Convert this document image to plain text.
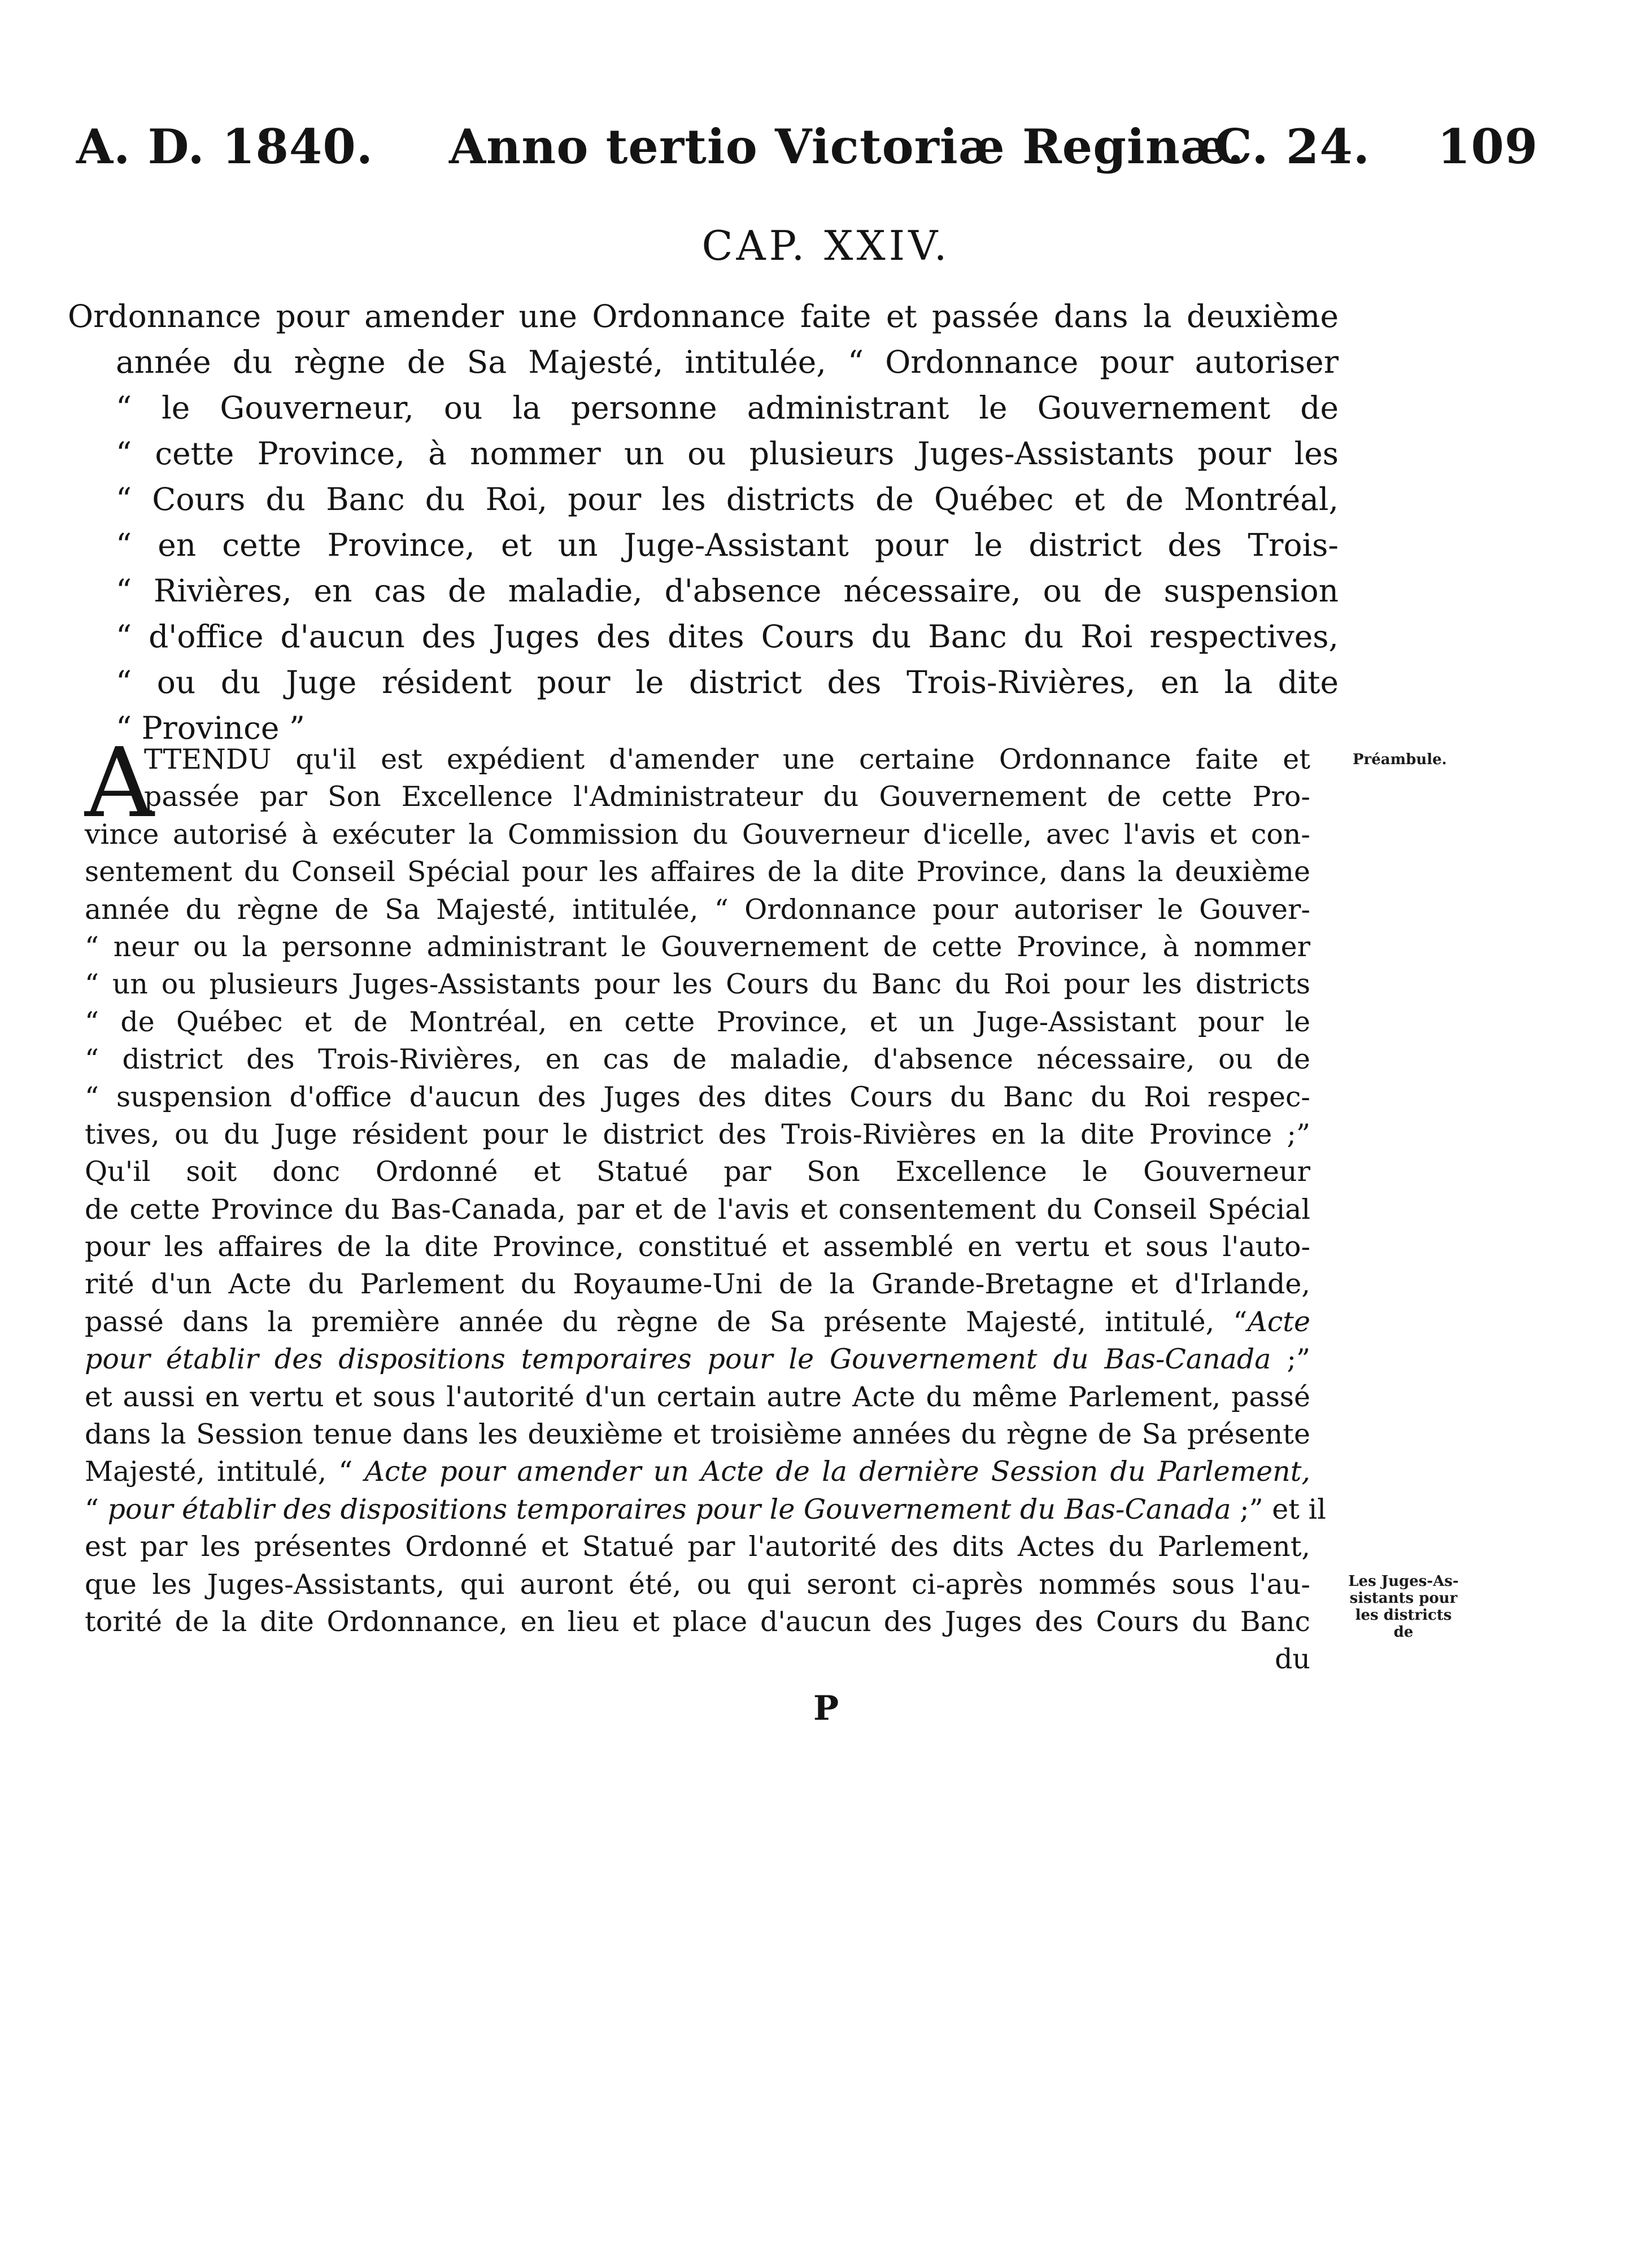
A. D. 1840. Anno tertio Victoriæ Reginæ.
C. 24. 109
CAP. XXIV.
Ordonnance pour amender une Ordonnance faite et passée dans la deuxième
année du règne de Sa Majesté, intitulée, “ Ordonnance pour autoriser
“ le Gouverneur, ou la personne administrant le Gouvernement de
“ cette Province, à nommer un ou plusieurs Juges-Assistants pour les
“ Cours du Banc du Roi, pour les districts de Québec et de Montréal,
“ en cette Province, et un Juge-Assistant pour le district des Trois-
“ Rivières, en cas de maladie, d'absence nécessaire, ou de suspension
“ d'office d'aucun des Juges des dites Cours du Banc du Roi respectives,
“ ou du Juge résident pour le district des Trois-Rivières, en la dite
“ Province ”
A
TTENDU qu'il est expédient d'amender une certaine Ordonnance faite et
passée par Son Excellence l'Administrateur du Gouvernement de cette Pro-
vince autorisé à exécuter la Commission du Gouverneur d'icelle, avec l'avis et con-
sentement du Conseil Spécial pour les affaires de la dite Province, dans la deuxième
année du règne de Sa Majesté, intitulée, “ Ordonnance pour autoriser le Gouver-
“ neur ou la personne administrant le Gouvernement de cette Province, à nommer
“ un ou plusieurs Juges-Assistants pour les Cours du Banc du Roi pour les districts
“ de Québec et de Montréal, en cette Province, et un Juge-Assistant pour le
“ district des Trois-Rivières, en cas de maladie, d'absence nécessaire, ou de
“ suspension d'office d'aucun des Juges des dites Cours du Banc du Roi respec-
tives, ou du Juge résident pour le district des Trois-Rivières en la dite Province ;”
Qu'il soit donc Ordonné et Statué par Son Excellence le Gouverneur
de cette Province du Bas-Canada, par et de l'avis et consentement du Conseil Spécial
pour les affaires de la dite Province, constitué et assemblé en vertu et sous l'auto-
rité d'un Acte du Parlement du Royaume-Uni de la Grande-Bretagne et d'Irlande,
passé dans la première année du règne de Sa présente Majesté, intitulé, “Acte
pour établir des dispositions temporaires pour le Gouvernement du Bas-Canada ;”
et aussi en vertu et sous l'autorité d'un certain autre Acte du même Parlement, passé
dans la Session tenue dans les deuxième et troisième années du règne de Sa présente
Majesté, intitulé, “ Acte pour amender un Acte de la dernière Session du Parlement,
“ pour établir des dispositions temporaires pour le Gouvernement du Bas-Canada ;” et il
est par les présentes Ordonné et Statué par l'autorité des dits Actes du Parlement,
que les Juges-Assistants, qui auront été, ou qui seront ci-après nommés sous l'au-
torité de la dite Ordonnance, en lieu et place d'aucun des Juges des Cours du Banc
du
Préambule.
Les Juges-As-
sistants pour
les districts de
P
